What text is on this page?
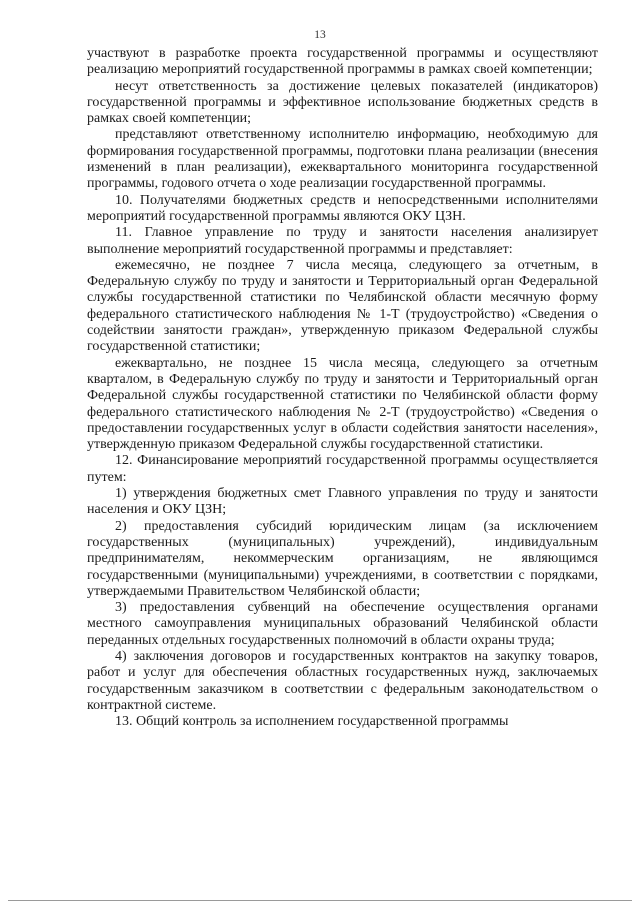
13

участвуют в разработке проекта государственной программы и осуществляют реализацию мероприятий государственной программы в рамках своей компетенции;

несут ответственность за достижение целевых показателей (индикаторов) государственной программы и эффективное использование бюджетных средств в рамках своей компетенции;

представляют ответственному исполнителю информацию, необходимую для формирования государственной программы, подготовки плана реализации (внесения изменений в план реализации), ежеквартального мониторинга государственной программы, годового отчета о ходе реализации государственной программы.

10. Получателями бюджетных средств и непосредственными исполнителями мероприятий государственной программы являются ОКУ ЦЗН.

11. Главное управление по труду и занятости населения анализирует выполнение мероприятий государственной программы и представляет:

ежемесячно, не позднее 7 числа месяца, следующего за отчетным, в Федеральную службу по труду и занятости и Территориальный орган Федеральной службы государственной статистики по Челябинской области месячную форму федерального статистического наблюдения № 1-Т (трудоустройство) «Сведения о содействии занятости граждан», утвержденную приказом Федеральной службы государственной статистики;

ежеквартально, не позднее 15 числа месяца, следующего за отчетным кварталом, в Федеральную службу по труду и занятости и Территориальный орган Федеральной службы государственной статистики по Челябинской области форму федерального статистического наблюдения № 2-Т (трудоустройство) «Сведения о предоставлении государственных услуг в области содействия занятости населения», утвержденную приказом Федеральной службы государственной статистики.

12. Финансирование мероприятий государственной программы осуществляется путем:

1) утверждения бюджетных смет Главного управления по труду и занятости населения и ОКУ ЦЗН;

2) предоставления субсидий юридическим лицам (за исключением государственных (муниципальных) учреждений), индивидуальным предпринимателям, некоммерческим организациям, не являющимся государственными (муниципальными) учреждениями, в соответствии с порядками, утверждаемыми Правительством Челябинской области;

3) предоставления субвенций на обеспечение осуществления органами местного самоуправления муниципальных образований Челябинской области переданных отдельных государственных полномочий в области охраны труда;

4) заключения договоров и государственных контрактов на закупку товаров, работ и услуг для обеспечения областных государственных нужд, заключаемых государственным заказчиком в соответствии с федеральным законодательством о контрактной системе.

13. Общий контроль за исполнением государственной программы
